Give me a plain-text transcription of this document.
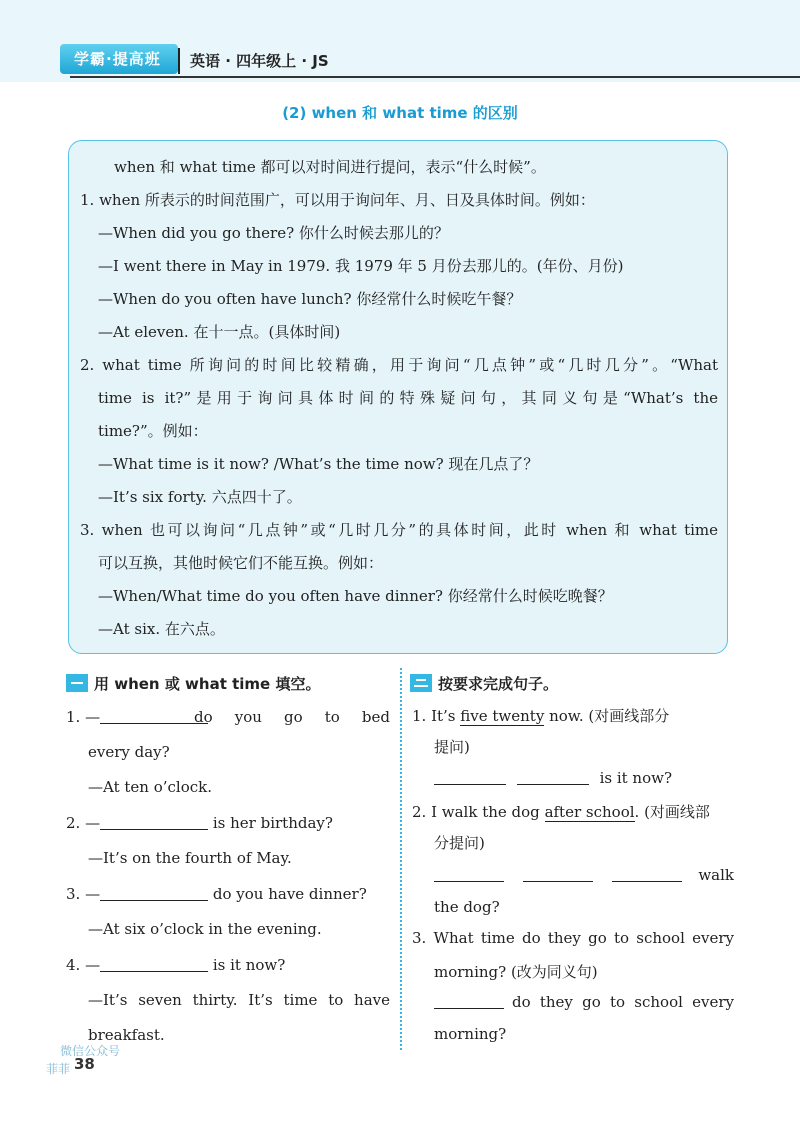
学霸·提高班	英语 · 四年级上 · JS
(2) when 和 what time 的区别
when 和 what time 都可以对时间进行提问，表示“什么时候”。
1. when 所表示的时间范围广，可以用于询问年、月、日及具体时间。例如：
—When did you go there? 你什么时候去那儿的？
—I went there in May in 1979. 我 1979 年 5 月份去那儿的。(年份、月份)
—When do you often have lunch? 你经常什么时候吃午餐？
—At eleven. 在十一点。(具体时间)
2. what time 所询问的时间比较精确，用于询问“几点钟”或“几时几分”。“What
time is it?”是用于询问具体时间的特殊疑问句，其同义句是“What’s the
time?”。例如：
—What time is it now? /What’s the time now? 现在几点了？
—It’s six forty. 六点四十了。
3. when 也可以询问“几点钟”或“几时几分”的具体时间，此时 when 和 what time
可以互换，其他时候它们不能互换。例如：
—When/What time do you often have dinner? 你经常什么时候吃晚餐？
—At six. 在六点。
用 when 或 what time 填空。
1. —	do you go to bed
every day?
—At ten o’clock.
2. —	is her birthday?
—It’s on the fourth of May.
3. —	do you have dinner?
—At six o’clock in the evening.
4. —	is it now?
—It’s seven thirty. It’s time to have
breakfast.
按要求完成句子。
1. It’s five twenty now. (对画线部分
提问)
is it now?
2. I walk the dog after school. (对画线部
分提问)

walk
the dog?
3. What time do they go to school every
morning? (改为同义句)
do they go to school every
morning?
微信公众号
菲菲 38
